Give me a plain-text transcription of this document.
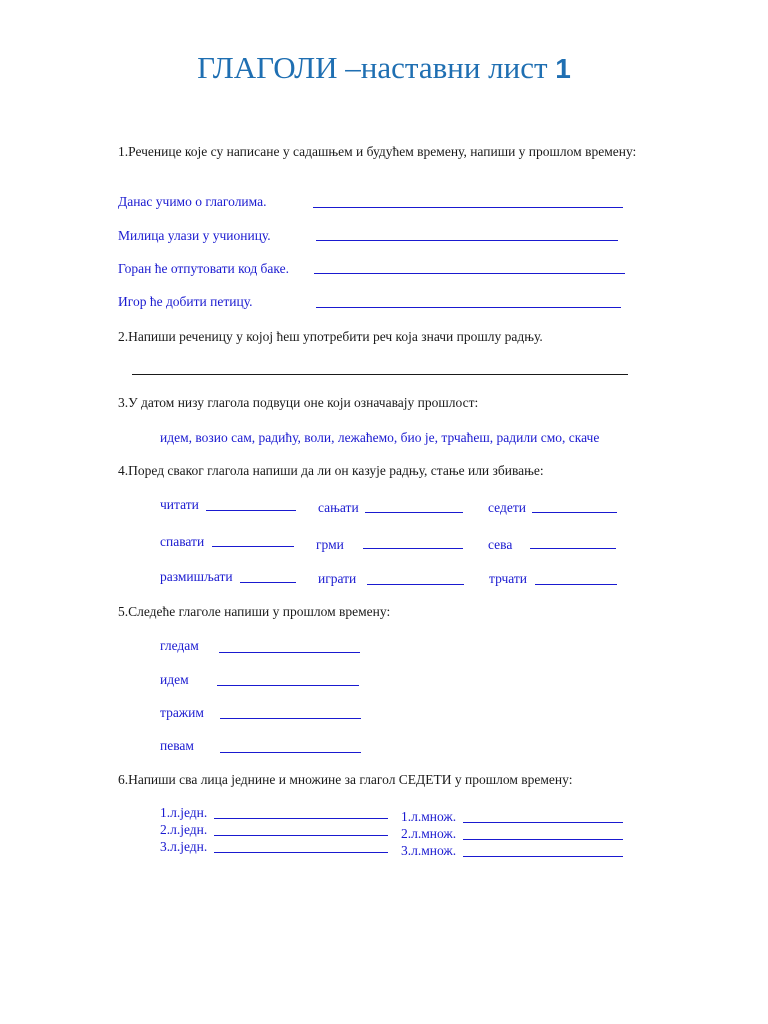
ГЛАГОЛИ –наставни лист 1
1.Реченице које су написане у садашњем и будућем времену, напиши у прошлом времену:
Данас учимо о глаголима.
Милица улази у учионицу.
Горан ће отпутовати код баке.
Игор ће добити петицу.
2.Напиши реченицу у којој ћеш употребити реч која значи прошлу радњу.
3.У датом низу глагола подвуци оне који означавају прошлост:
идем, возио сам, радићу, воли, лежаћемо, био је, трчаћеш, радили смо, скаче
4.Поред сваког глагола напиши да ли он казује радњу, стање или збивање:
читати	сањати	седети
спавати	грми	сева
размишљати	играти	трчати
5.Следеће глаголе напиши у прошлом времену:
гледам
идем
тражим
певам
6.Напиши сва лица једнине и множине за глагол СЕДЕТИ у прошлом времену:
1.л.једн.
2.л.једн.
3.л.једн.
1.л.множ.
2.л.множ.
3.л.множ.
